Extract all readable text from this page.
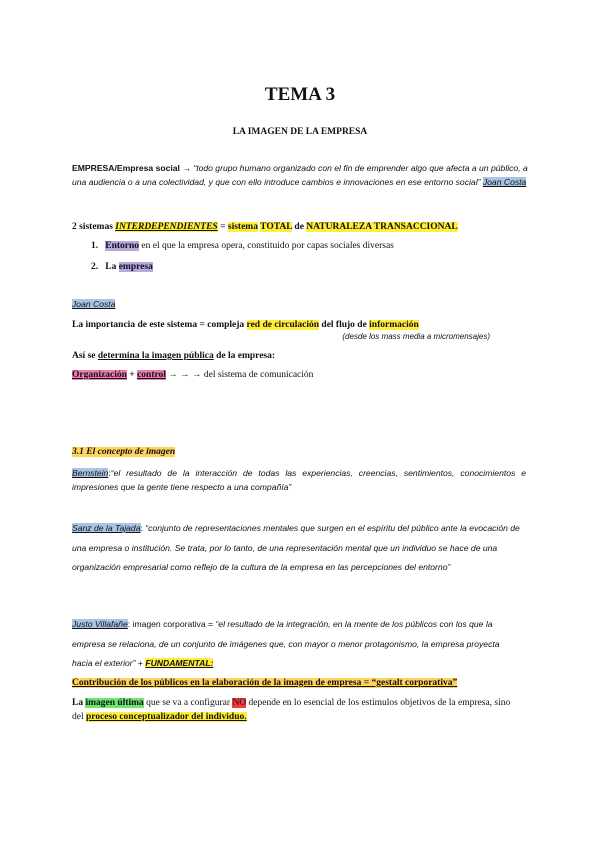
TEMA 3
LA IMAGEN DE LA EMPRESA
EMPRESA/Empresa social → “todo grupo humano organizado con el fin de emprender algo que afecta a un público, a una audiencia o a una colectividad, y que con ello introduce cambios e innovaciones en ese entorno social” Joan Costa
2 sistemas INTERDEPENDIENTES = sistema TOTAL de NATURALEZA TRANSACCIONAL
1. Entorno en el que la empresa opera, constituido por capas sociales diversas
2. La empresa
Joan Costa
La importancia de este sistema = compleja red de circulación del flujo de información
(desde los mass media a micromensajes)
Así se determina la imagen pública de la empresa:
Organización + control → → → del sistema de comunicación
3.1 El concepto de imagen
Bernstein:“el resultado de la interacción de todas las experiencias, creencias, sentimientos, conocimientos e impresiones que la gente tiene respecto a una compañía”
Sanz de la Tajada: “conjunto de representaciones mentales que surgen en el espíritu del público ante la evocación de una empresa o institución. Se trata, por lo tanto, de una representación mental que un individuo se hace de una organización empresarial como reflejo de la cultura de la empresa en las percepciones del entorno”
Justo Villafañe: imagen corporativa = “el resultado de la integración, en la mente de los públicos con los que la empresa se relaciona, de un conjunto de imágenes que, con mayor o menor protagonismo, la empresa proyecta hacia el exterior” + FUNDAMENTAL:
Contribución de los públicos en la elaboración de la imagen de empresa = “gestalt corporativa”
La imagen última que se va a configurar NO depende en lo esencial de los estímulos objetivos de la empresa, sino del proceso conceptualizador del individuo.
